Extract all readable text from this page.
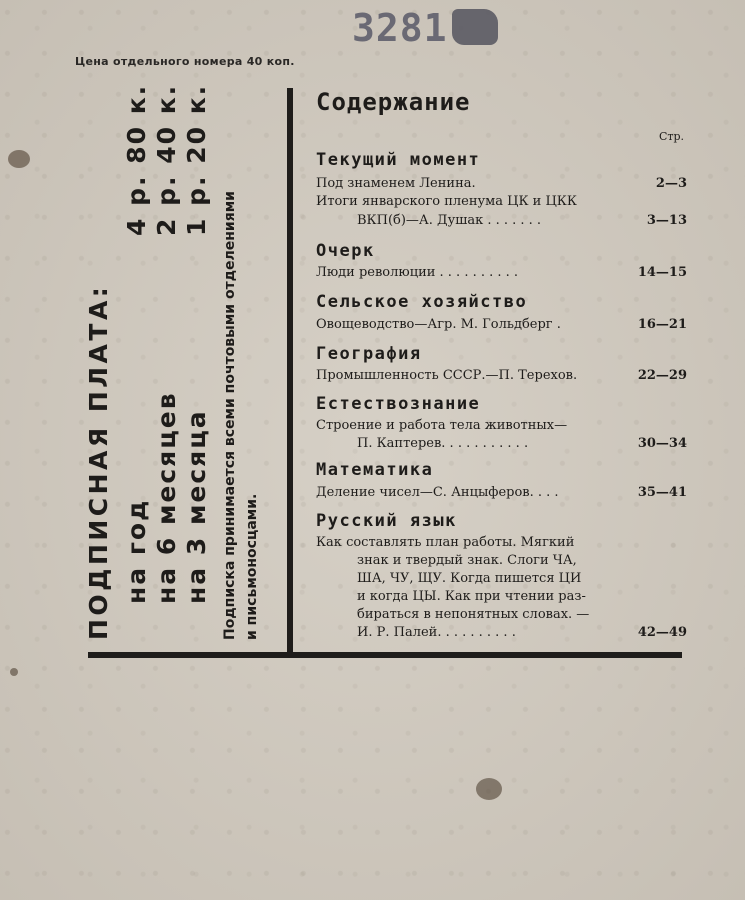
3281
Цена отдельного номера 40 коп.
ПОДПИСНАЯ ПЛАТА: на год
4 р. 80 к.
на 6 месяцев
2 р. 40 к.
на 3 месяца
1 р. 20 к.
Подписка принимается всеми почтовыми отделениями и письмоносцами.
Содержание
Стр.
Текущий момент
Под знаменем Ленина.	2—3
Итоги январского пленума ЦК и ЦКК
ВКП(б)—А. Душак . . . . . . .	3—13
Очерк
Люди революции . . . . . . . . . .	14—15
Сельское хозяйство
Овощеводство—Агр. М. Гольдберг .	16—21
География
Промышленность СССР.—П. Терехов.	22—29
Естествознание
Строение и работа тела животных—
П. Каптерев. . . . . . . . . . .	30—34
Математика
Деление чисел—С. Анцыферов. . . .	35—41
Русский язык
Как составлять план работы. Мягкий
знак и твердый знак. Слоги ЧА,
ША, ЧУ, ЩУ. Когда пишется ЦИ
и когда ЦЫ. Как при чтении раз-
бираться в непонятных словах. —
И. Р. Палей. . . . . . . . . .	42—49
